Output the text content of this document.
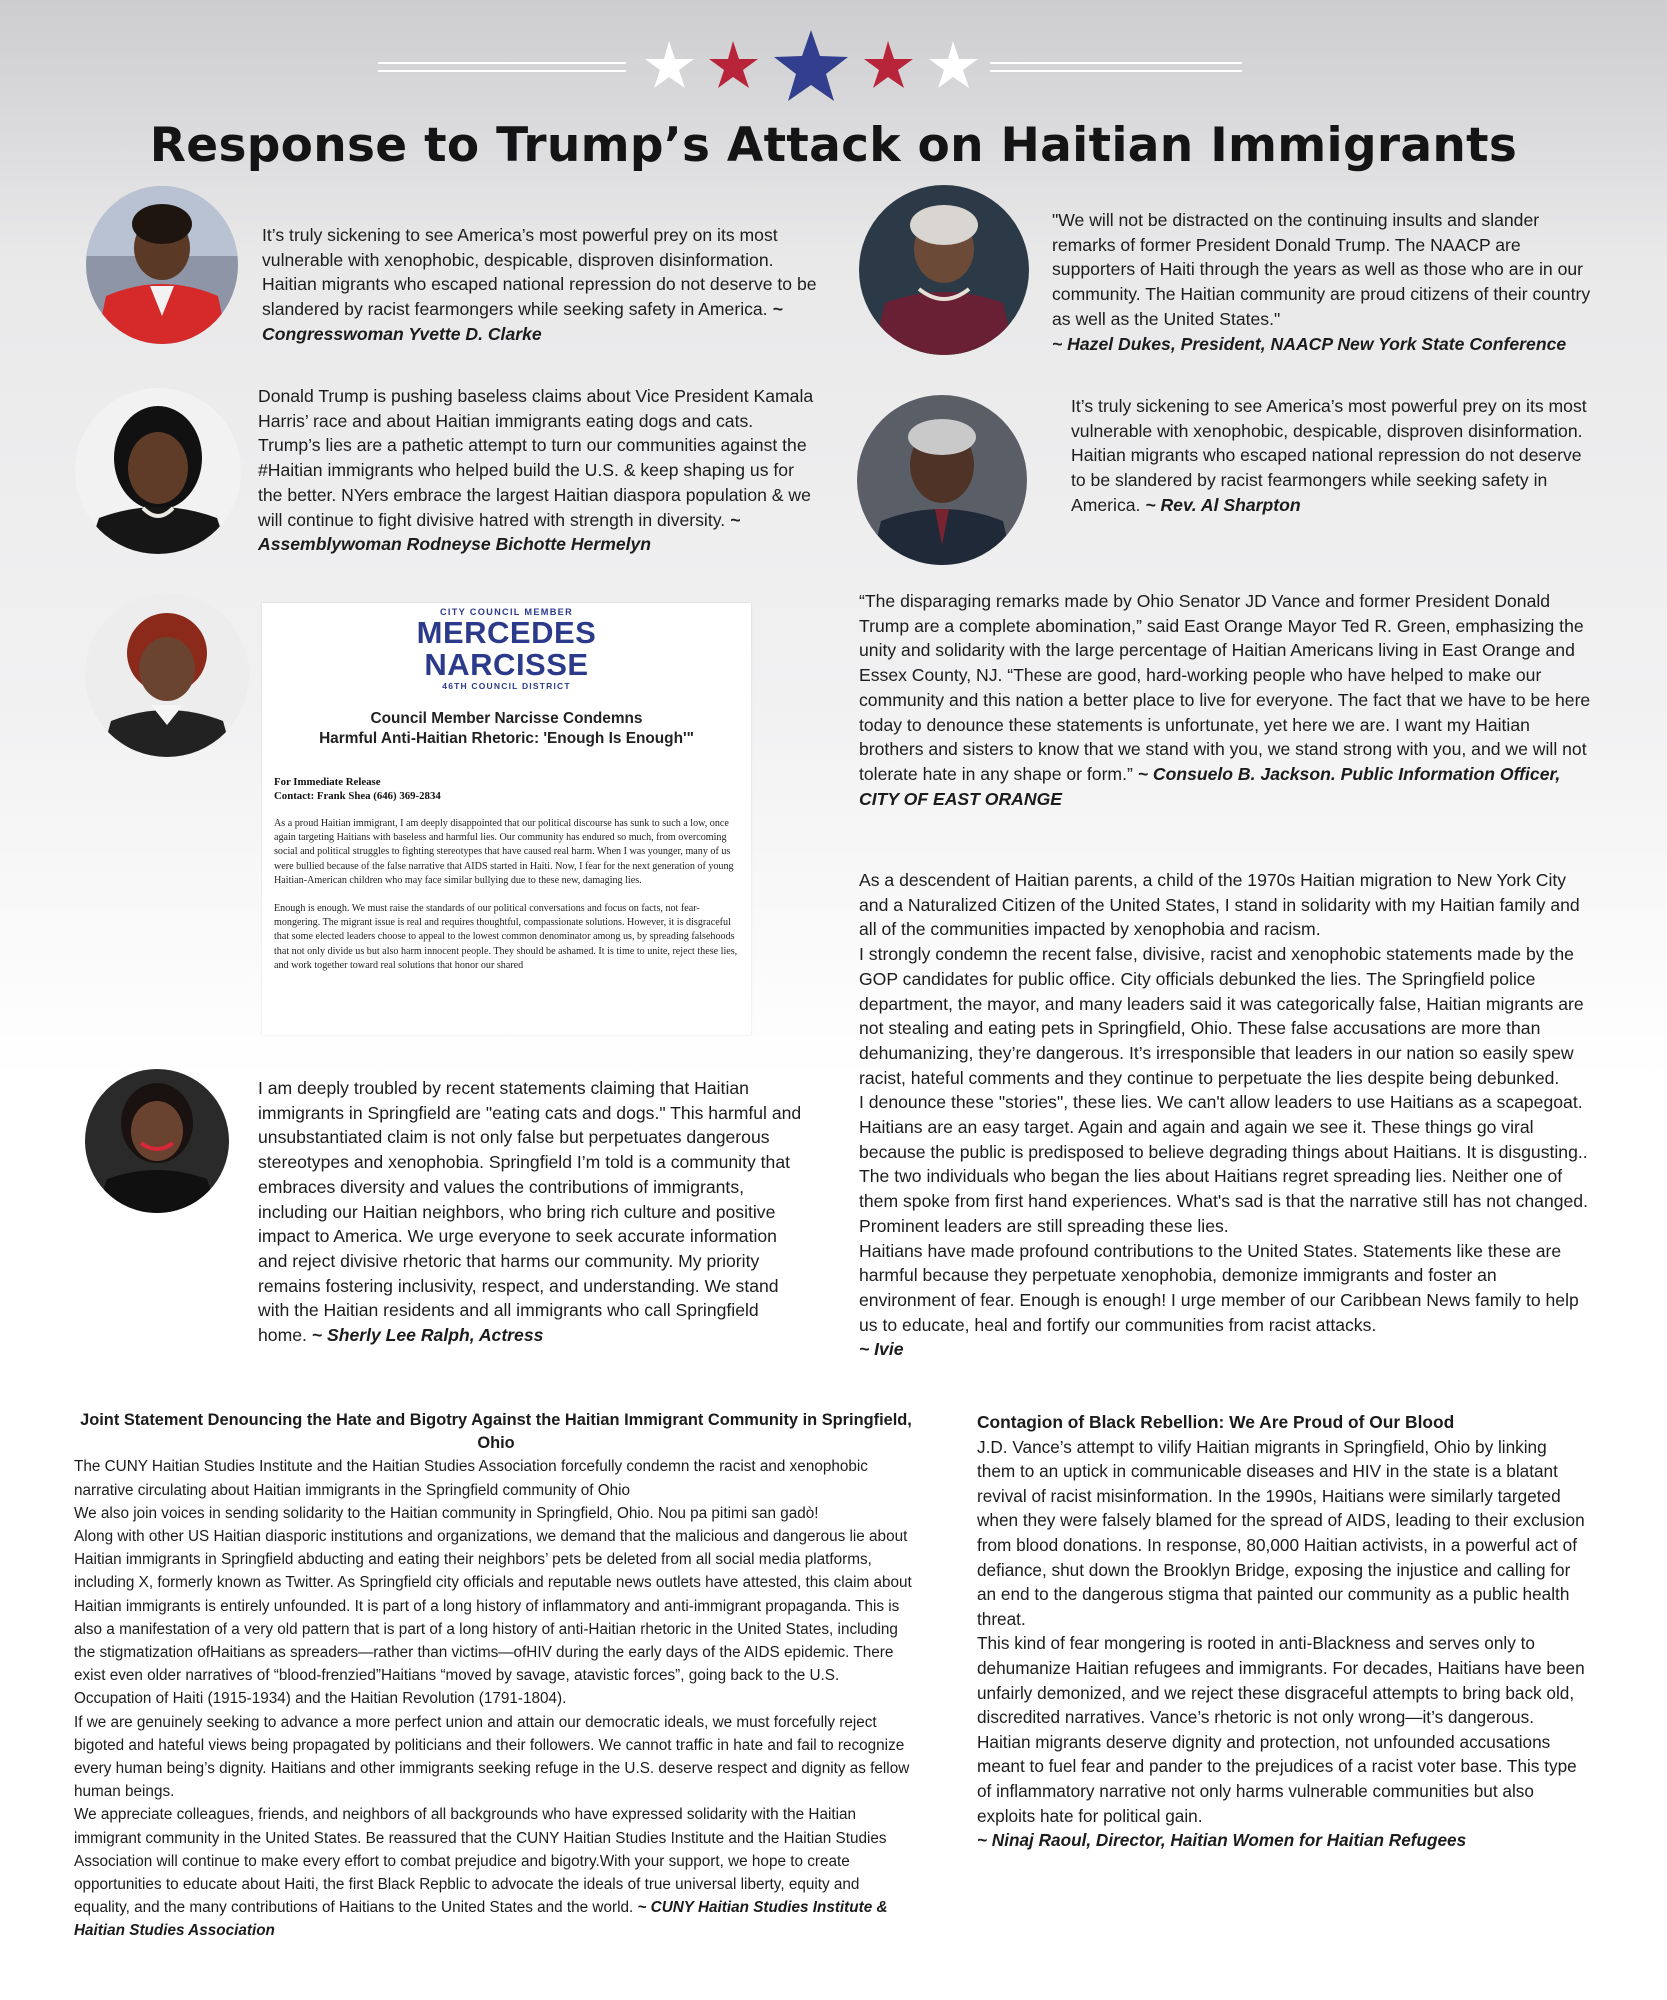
Response to Trump’s Attack on Haitian Immigrants
It’s truly sickening to see America’s most powerful prey on its most vulnerable with xenophobic, despicable, disproven disinformation. Haitian migrants who escaped national repression do not deserve to be slandered by racist fearmongers while seeking safety in America. ~ Congresswoman Yvette D. Clarke
"We will not be distracted on the continuing insults and slander remarks of former President Donald Trump. The NAACP are supporters of Haiti through the years as well as those who are in our community. The Haitian community are proud citizens of their country as well as the United States."
~ Hazel Dukes, President, NAACP New York State Conference
Donald Trump is pushing baseless claims about Vice President Kamala Harris’ race and about Haitian immigrants eating dogs and cats. Trump’s lies are a pathetic attempt to turn our communities against the #Haitian immigrants who helped build the U.S. & keep shaping us for the better. NYers embrace the largest Haitian diaspora population & we will continue to fight divisive hatred with strength in diversity. ~ Assemblywoman Rodneyse Bichotte Hermelyn
It’s truly sickening to see America’s most powerful prey on its most vulnerable with xenophobic, despicable, disproven disinformation. Haitian migrants who escaped national repression do not deserve to be slandered by racist fearmongers while seeking safety in America. ~ Rev. Al Sharpton
CITY COUNCIL MEMBER
MERCEDES
NARCISSE
46TH COUNCIL DISTRICT
Council Member Narcisse Condemns
Harmful Anti-Haitian Rhetoric: 'Enough Is Enough'"
For Immediate Release
Contact: Frank Shea (646) 369-2834
As a proud Haitian immigrant, I am deeply disappointed that our political discourse has sunk to such a low, once again targeting Haitians with baseless and harmful lies. Our community has endured so much, from overcoming social and political struggles to fighting stereotypes that have caused real harm. When I was younger, many of us were bullied because of the false narrative that AIDS started in Haiti. Now, I fear for the next generation of young Haitian-American children who may face similar bullying due to these new, damaging lies.
Enough is enough. We must raise the standards of our political conversations and focus on facts, not fear-mongering. The migrant issue is real and requires thoughtful, compassionate solutions. However, it is disgraceful that some elected leaders choose to appeal to the lowest common denominator among us, by spreading falsehoods that not only divide us but also harm innocent people. They should be ashamed. It is time to unite, reject these lies, and work together toward real solutions that honor our shared
“The disparaging remarks made by Ohio Senator JD Vance and former President Donald Trump are a complete abomination,” said East Orange Mayor Ted R. Green, emphasizing the unity and solidarity with the large percentage of Haitian Americans living in East Orange and Essex County, NJ. “These are good, hard-working people who have helped to make our
community and this nation a better place to live for everyone. The fact that we have to be here today to denounce these statements is unfortunate, yet here we are. I want my Haitian brothers and sisters to know that we stand with you, we stand strong with you, and we will not tolerate hate in any shape or form.” ~ Consuelo B. Jackson. Public Information Officer, CITY OF EAST ORANGE
As a descendent of Haitian parents, a child of the 1970s Haitian migration to New York City and a Naturalized Citizen of the United States, I stand in solidarity with my Haitian family and all of the communities impacted by xenophobia and racism.
I strongly condemn the recent false, divisive, racist and xenophobic statements made by the GOP candidates for public office. City officials debunked the lies. The Springfield police department, the mayor, and many leaders said it was categorically false, Haitian migrants are not stealing and eating pets in Springfield, Ohio. These false accusations are more than dehumanizing, they’re dangerous. It’s irresponsible that leaders in our nation so easily spew racist, hateful comments and they continue to perpetuate the lies despite being debunked.
I denounce these "stories", these lies. We can't allow leaders to use Haitians as a scapegoat. Haitians are an easy target. Again and again and again we see it. These things go viral because the public is predisposed to believe degrading things about Haitians. It is disgusting.. The two individuals who began the lies about Haitians regret spreading lies. Neither one of them spoke from first hand experiences. What's sad is that the narrative still has not changed. Prominent leaders are still spreading these lies.
Haitians have made profound contributions to the United States. Statements like these are harmful because they perpetuate xenophobia, demonize immigrants and foster an environment of fear. Enough is enough! I urge member of our Caribbean News family to help us to educate, heal and fortify our communities from racist attacks.
~ Ivie
I am deeply troubled by recent statements claiming that Haitian immigrants in Springfield are "eating cats and dogs." This harmful and unsubstantiated claim is not only false but perpetuates dangerous stereotypes and xenophobia. Springfield I’m told is a community that embraces diversity and values the contributions of immigrants, including our Haitian neighbors, who bring rich culture and positive impact to America. We urge everyone to seek accurate information and reject divisive rhetoric that harms our community. My priority remains fostering inclusivity, respect, and understanding. We stand with the Haitian residents and all immigrants who call Springfield home. ~ Sherly Lee Ralph, Actress
Joint Statement Denouncing the Hate and Bigotry Against the Haitian Immigrant Community in Springfield, Ohio
The CUNY Haitian Studies Institute and the Haitian Studies Association forcefully condemn the racist and xenophobic narrative circulating about Haitian immigrants in the Springfield community of Ohio
We also join voices in sending solidarity to the Haitian community in Springfield, Ohio. Nou pa pitimi san gadò!
Along with other US Haitian diasporic institutions and organizations, we demand that the malicious and dangerous lie about Haitian immigrants in Springfield abducting and eating their neighbors’ pets be deleted from all social media platforms, including X, formerly known as Twitter. As Springfield city officials and reputable news outlets have attested, this claim about Haitian immigrants is entirely unfounded. It is part of a long history of inflammatory and anti-immigrant propaganda. This is also a manifestation of a very old pattern that is part of a long history of anti-Haitian rhetoric in the United States, including the stigmatization ofHaitians as spreaders—rather than victims—ofHIV during the early days of the AIDS epidemic. There exist even older narratives of “blood-frenzied”Haitians “moved by savage, atavistic forces”, going back to the U.S. Occupation of Haiti (1915-1934) and the Haitian Revolution (1791-1804).
If we are genuinely seeking to advance a more perfect union and attain our democratic ideals, we must forcefully reject bigoted and hateful views being propagated by politicians and their followers. We cannot traffic in hate and fail to recognize every human being’s dignity. Haitians and other immigrants seeking refuge in the U.S. deserve respect and dignity as fellow human beings.
We appreciate colleagues, friends, and neighbors of all backgrounds who have expressed solidarity with the Haitian immigrant community in the United States. Be reassured that the CUNY Haitian Studies Institute and the Haitian Studies Association will continue to make every effort to combat prejudice and bigotry.With your support, we hope to create opportunities to educate about Haiti, the first Black Repblic to advocate the ideals of true universal liberty, equity and equality, and the many contributions of Haitians to the United States and the world. ~ CUNY Haitian Studies Institute & Haitian Studies Association
Contagion of Black Rebellion: We Are Proud of Our Blood
J.D. Vance’s attempt to vilify Haitian migrants in Springfield, Ohio by linking them to an uptick in communicable diseases and HIV in the state is a blatant revival of racist misinformation. In the 1990s, Haitians were similarly targeted when they were falsely blamed for the spread of AIDS, leading to their exclusion from blood donations. In response, 80,000 Haitian activists, in a powerful act of defiance, shut down the Brooklyn Bridge, exposing the injustice and calling for an end to the dangerous stigma that painted our community as a public health threat.
This kind of fear mongering is rooted in anti-Blackness and serves only to dehumanize Haitian refugees and immigrants. For decades, Haitians have been unfairly demonized, and we reject these disgraceful attempts to bring back old, discredited narratives. Vance’s rhetoric is not only wrong—it’s dangerous. Haitian migrants deserve dignity and protection, not unfounded accusations meant to fuel fear and pander to the prejudices of a racist voter base. This type of inflammatory narrative not only harms vulnerable communities but also exploits hate for political gain.
~ Ninaj Raoul, Director, Haitian Women for Haitian Refugees
